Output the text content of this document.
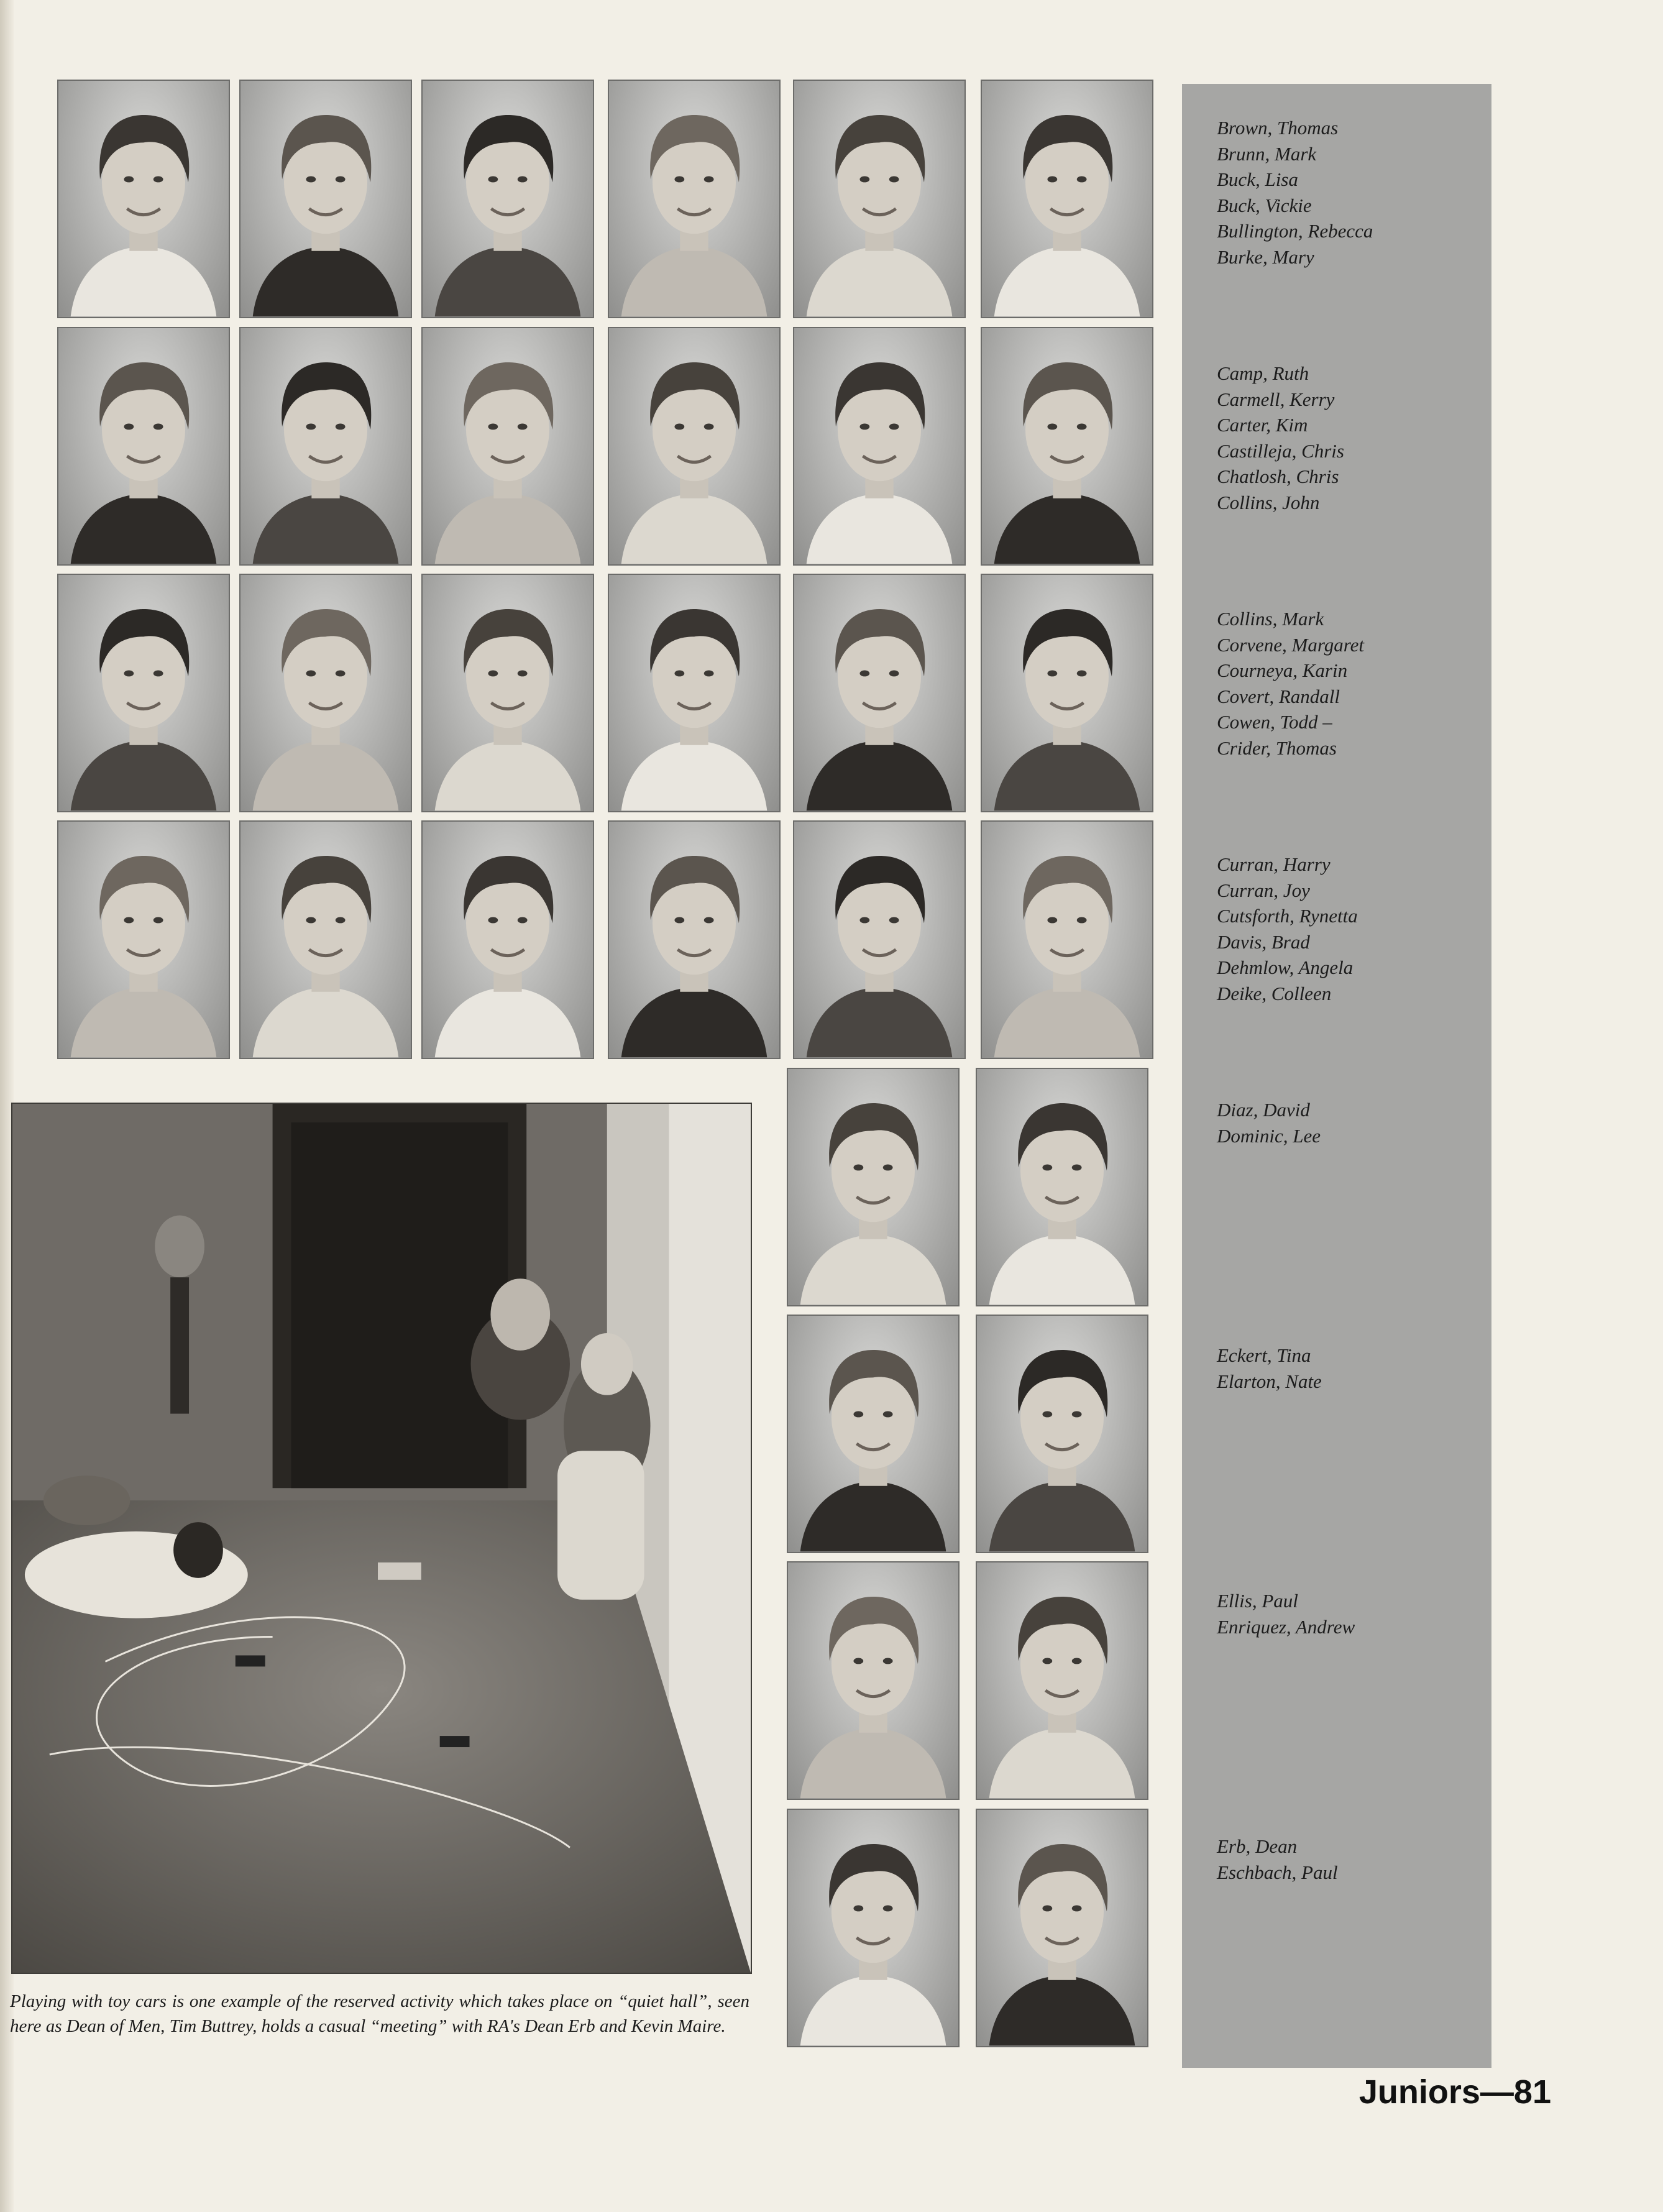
Brown, Thomas
Brunn, Mark
Buck, Lisa
Buck, Vickie
Bullington, Rebecca
Burke, Mary
Camp, Ruth
Carmell, Kerry
Carter, Kim
Castilleja, Chris
Chatlosh, Chris
Collins, John
Collins, Mark
Corvene, Margaret
Courneya, Karin
Covert, Randall
Cowen, Todd –
Crider, Thomas
Curran, Harry
Curran, Joy
Cutsforth, Rynetta
Davis, Brad
Dehmlow, Angela
Deike, Colleen
Diaz, David
Dominic, Lee
Eckert, Tina
Elarton, Nate
Ellis, Paul
Enriquez, Andrew
Erb, Dean
Eschbach, Paul

Playing with toy cars is one example of the reserved activity which takes place on “quiet hall”, seen here as Dean of Men, Tim Buttrey, holds a casual “meeting” with RA's Dean Erb and Kevin Maire.

Juniors—81
